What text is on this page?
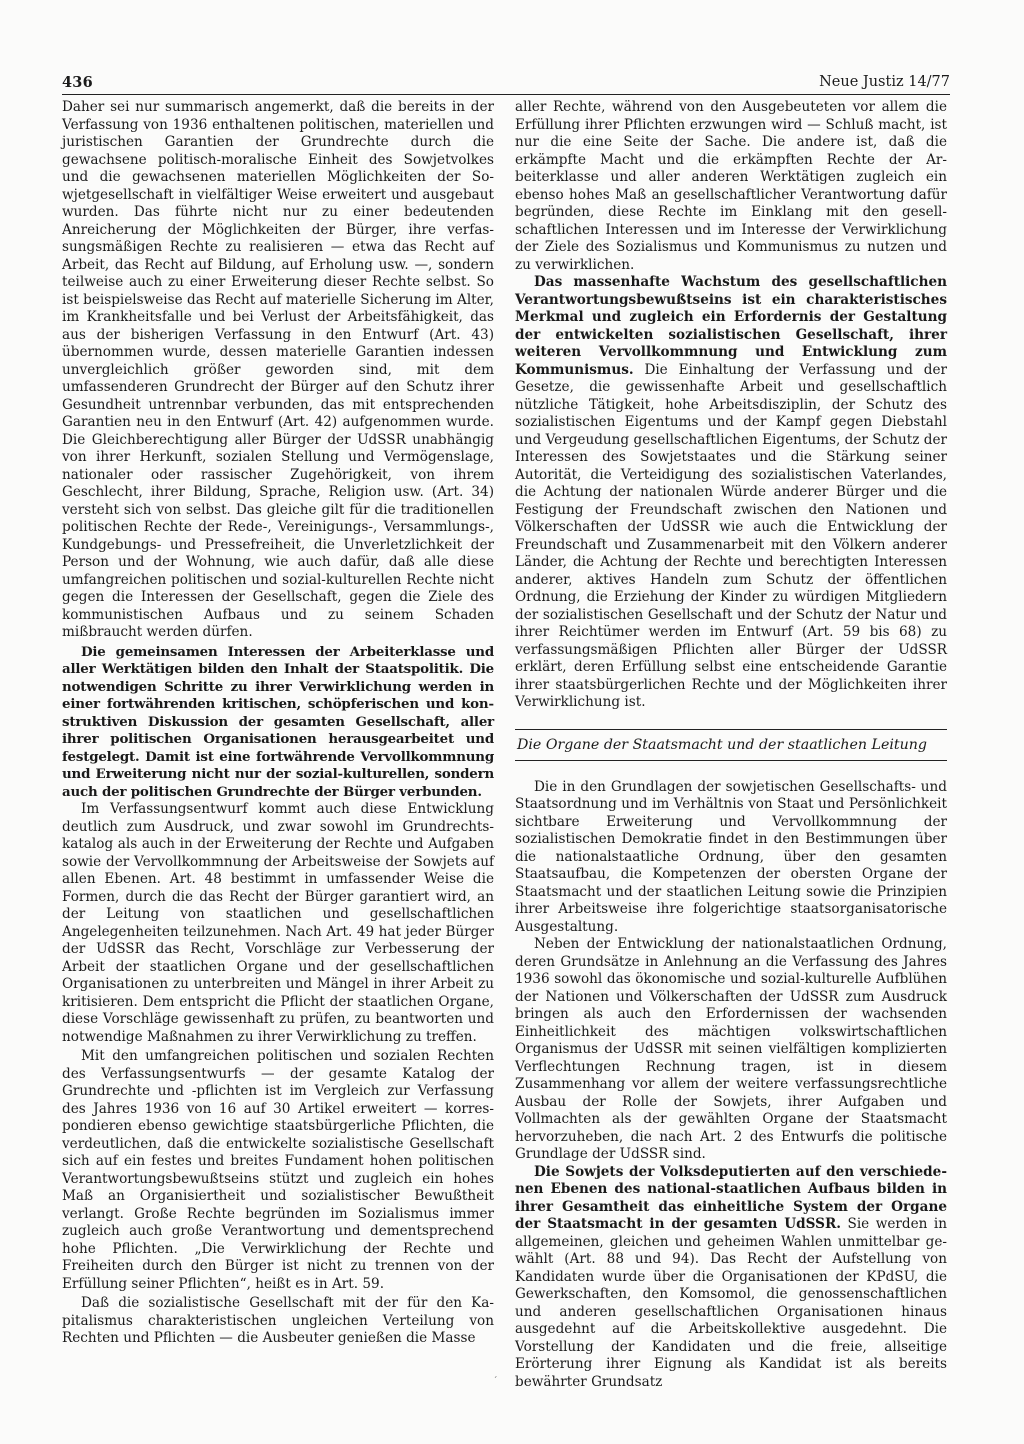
436	Neue Justiz 14/77

Daher sei nur summarisch angemerkt, daß die bereits in der Verfassung von 1936 enthaltenen politischen, materiellen und juristischen Garantien der Grundrechte durch die gewachsene politisch-moralische Einheit des Sowjetvolkes und die gewachsenen materiellen Möglichkeiten der Sowjetgesellschaft in vielfältiger Weise erweitert und ausgebaut wurden. Das führte nicht nur zu einer bedeutenden Anreicherung der Möglichkeiten der Bürger, ihre verfassungsmäßigen Rechte zu realisieren — etwa das Recht auf Arbeit, das Recht auf Bildung, auf Erholung usw. —, sondern teilweise auch zu einer Erweiterung dieser Rechte selbst. So ist beispielsweise das Recht auf materielle Sicherung im Alter, im Krankheitsfalle und bei Verlust der Arbeitsfähigkeit, das aus der bisherigen Verfassung in den Entwurf (Art. 43) übernommen wurde, dessen materielle Garantien indessen unvergleichlich größer geworden sind, mit dem umfassenderen Grundrecht der Bürger auf den Schutz ihrer Gesundheit untrennbar verbunden, das mit entsprechenden Garantien neu in den Entwurf (Art. 42) aufgenommen wurde. Die Gleichberechtigung aller Bürger der UdSSR unabhängig von ihrer Herkunft, sozialen Stellung und Vermögenslage, nationaler oder rassischer Zugehörigkeit, von ihrem Geschlecht, ihrer Bildung, Sprache, Religion usw. (Art. 34) versteht sich von selbst. Das gleiche gilt für die traditionellen politischen Rechte der Rede-, Vereinigungs-, Versammlungs-, Kundgebungs- und Pressefreiheit, die Unverletzlichkeit der Person und der Wohnung, wie auch dafür, daß alle diese umfangreichen politischen und sozial-kulturellen Rechte nicht gegen die Interessen der Gesellschaft, gegen die Ziele des kommunistischen Aufbaus und zu seinem Schaden mißbraucht werden dürfen.

Die gemeinsamen Interessen der Arbeiterklasse und aller Werktätigen bilden den Inhalt der Staatspolitik. Die notwendigen Schritte zu ihrer Verwirklichung werden in einer fortwährenden kritischen, schöpferischen und konstruktiven Diskussion der gesamten Gesellschaft, aller ihrer politischen Organisationen herausgearbeitet und festgelegt. Damit ist eine fortwährende Vervollkommnung und Erweiterung nicht nur der sozial-kulturellen, sondern auch der politischen Grundrechte der Bürger verbunden.

Im Verfassungsentwurf kommt auch diese Entwicklung deutlich zum Ausdruck, und zwar sowohl im Grundrechtskatalog als auch in der Erweiterung der Rechte und Aufgaben sowie der Vervollkommnung der Arbeitsweise der Sowjets auf allen Ebenen. Art. 48 bestimmt in umfassender Weise die Formen, durch die das Recht der Bürger garantiert wird, an der Leitung von staatlichen und gesellschaftlichen Angelegenheiten teilzunehmen. Nach Art. 49 hat jeder Bürger der UdSSR das Recht, Vorschläge zur Verbesserung der Arbeit der staatlichen Organe und der gesellschaftlichen Organisationen zu unterbreiten und Mängel in ihrer Arbeit zu kritisieren. Dem entspricht die Pflicht der staatlichen Organe, diese Vorschläge gewissenhaft zu prüfen, zu beantworten und notwendige Maßnahmen zu ihrer Verwirklichung zu treffen.

Mit den umfangreichen politischen und sozialen Rechten des Verfassungsentwurfs — der gesamte Katalog der Grundrechte und -pflichten ist im Vergleich zur Verfassung des Jahres 1936 von 16 auf 30 Artikel erweitert — korrespondieren ebenso gewichtige staatsbürgerliche Pflichten, die verdeutlichen, daß die entwickelte sozialistische Gesellschaft sich auf ein festes und breites Fundament hohen politischen Verantwortungsbewußtseins stützt und zugleich ein hohes Maß an Organisiertheit und sozialistischer Bewußtheit verlangt. Große Rechte begründen im Sozialismus immer zugleich auch große Verantwortung und dementsprechend hohe Pflichten. „Die Verwirklichung der Rechte und Freiheiten durch den Bürger ist nicht zu trennen von der Erfüllung seiner Pflichten“, heißt es in Art. 59.

Daß die sozialistische Gesellschaft mit der für den Kapitalismus charakteristischen ungleichen Verteilung von Rechten und Pflichten — die Ausbeuter genießen die Masse

aller Rechte, während von den Ausgebeuteten vor allem die Erfüllung ihrer Pflichten erzwungen wird — Schluß macht, ist nur die eine Seite der Sache. Die andere ist, daß die erkämpfte Macht und die erkämpften Rechte der Arbeiterklasse und aller anderen Werktätigen zugleich ein ebenso hohes Maß an gesellschaftlicher Verantwortung dafür begründen, diese Rechte im Einklang mit den gesellschaftlichen Interessen und im Interesse der Verwirklichung der Ziele des Sozialismus und Kommunismus zu nutzen und zu verwirklichen.

Das massenhafte Wachstum des gesellschaftlichen Verantwortungsbewußtseins ist ein charakteristisches Merkmal und zugleich ein Erfordernis der Gestaltung der entwickelten sozialistischen Gesellschaft, ihrer weiteren Vervollkommnung und Entwicklung zum Kommunismus. Die Einhaltung der Verfassung und der Gesetze, die gewissenhafte Arbeit und gesellschaftlich nützliche Tätigkeit, hohe Arbeitsdisziplin, der Schutz des sozialistischen Eigentums und der Kampf gegen Diebstahl und Vergeudung gesellschaftlichen Eigentums, der Schutz der Interessen des Sowjetstaates und die Stärkung seiner Autorität, die Verteidigung des sozialistischen Vaterlandes, die Achtung der nationalen Würde anderer Bürger und die Festigung der Freundschaft zwischen den Nationen und Völkerschaften der UdSSR wie auch die Entwicklung der Freundschaft und Zusammenarbeit mit den Völkern anderer Länder, die Achtung der Rechte und berechtigten Interessen anderer, aktives Handeln zum Schutz der öffentlichen Ordnung, die Erziehung der Kinder zu würdigen Mitgliedern der sozialistischen Gesellschaft und der Schutz der Natur und ihrer Reichtümer werden im Entwurf (Art. 59 bis 68) zu verfassungsmäßigen Pflichten aller Bürger der UdSSR erklärt, deren Erfüllung selbst eine entscheidende Garantie ihrer staatsbürgerlichen Rechte und der Möglichkeiten ihrer Verwirklichung ist.

Die Organe der Staatsmacht und der staatlichen Leitung

Die in den Grundlagen der sowjetischen Gesellschafts- und Staatsordnung und im Verhältnis von Staat und Persönlichkeit sichtbare Erweiterung und Vervollkommnung der sozialistischen Demokratie findet in den Bestimmungen über die nationalstaatliche Ordnung, über den gesamten Staatsaufbau, die Kompetenzen der obersten Organe der Staatsmacht und der staatlichen Leitung sowie die Prinzipien ihrer Arbeitsweise ihre folgerichtige staatsorganisatorische Ausgestaltung.

Neben der Entwicklung der nationalstaatlichen Ordnung, deren Grundsätze in Anlehnung an die Verfassung des Jahres 1936 sowohl das ökonomische und sozial-kulturelle Aufblühen der Nationen und Völkerschaften der UdSSR zum Ausdruck bringen als auch den Erfordernissen der wachsenden Einheitlichkeit des mächtigen volkswirtschaftlichen Organismus der UdSSR mit seinen vielfältigen komplizierten Verflechtungen Rechnung tragen, ist in diesem Zusammenhang vor allem der weitere verfassungsrechtliche Ausbau der Rolle der Sowjets, ihrer Aufgaben und Vollmachten als der gewählten Organe der Staatsmacht hervorzuheben, die nach Art. 2 des Entwurfs die politische Grundlage der UdSSR sind.

Die Sowjets der Volksdeputierten auf den verschiedenen Ebenen des national-staatlichen Aufbaus bilden in ihrer Gesamtheit das einheitliche System der Organe der Staatsmacht in der gesamten UdSSR. Sie werden in allgemeinen, gleichen und geheimen Wahlen unmittelbar gewählt (Art. 88 und 94). Das Recht der Aufstellung von Kandidaten wurde über die Organisationen der KPdSU, die Gewerkschaften, den Komsomol, die genossenschaftlichen und anderen gesellschaftlichen Organisationen hinaus ausgedehnt auf die Arbeitskollektive ausgedehnt. Die Vorstellung der Kandidaten und die freie, allseitige Erörterung ihrer Eignung als Kandidat ist als bereits bewährter Grundsatz

´
